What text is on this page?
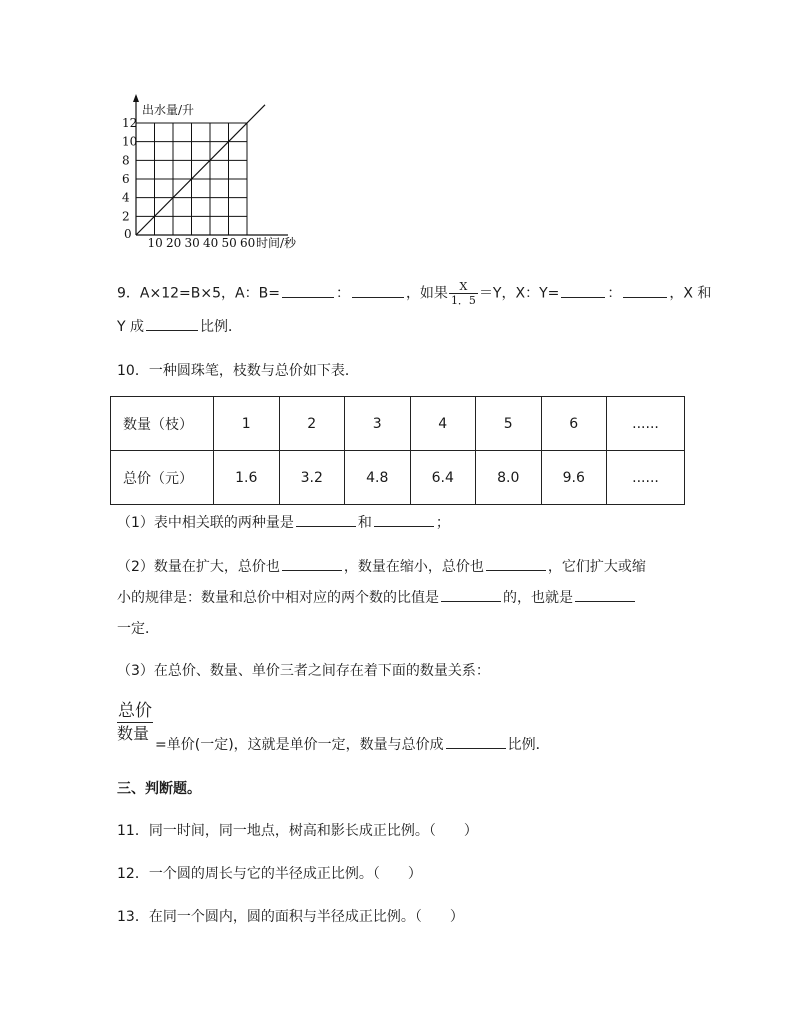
出水量/升
时间/秒
0
2
4
6
8
10
12
10 20 30 40 50 60
9．A×12=B×5，A：B=	：	，如果 $\frac{X}{1.5} =Y$，X：Y=	：	，X 和
Y 成	比例．
10．一种圆珠笔，枝数与总价如下表．
数量（枝）	1	2	3	4	5	6	......
总价（元）	1.6	3.2	4.8	6.4	8.0	9.6	......
（1）表中相关联的两种量是	和	；
（2）数量在扩大，总价也	，数量在缩小，总价也	，它们扩大或缩
小的规律是：数量和总价中相对应的两个数的比值是	的，也就是
一定．
（3）在总价、数量、单价三者之间存在着下面的数量关系：
总价
数量
=单价(一定)，这就是单价一定，数量与总价成	比例．
三、判断题。
11．同一时间，同一地点，树高和影长成正比例。（　　）
12．一个圆的周长与它的半径成正比例。（　　）
13．在同一个圆内，圆的面积与半径成正比例。（　　）
